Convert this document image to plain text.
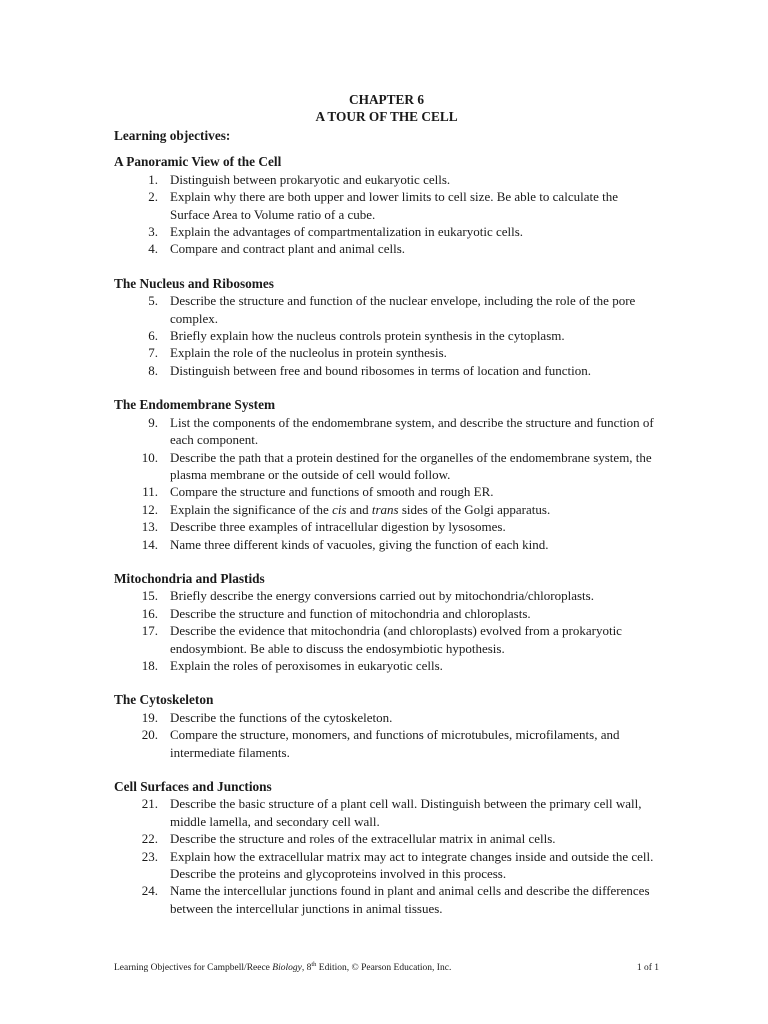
CHAPTER 6
A TOUR OF THE CELL
Learning objectives:
A Panoramic View of the Cell
1. Distinguish between prokaryotic and eukaryotic cells.
2. Explain why there are both upper and lower limits to cell size. Be able to calculate the Surface Area to Volume ratio of a cube.
3. Explain the advantages of compartmentalization in eukaryotic cells.
4. Compare and contract plant and animal cells.
The Nucleus and Ribosomes
5. Describe the structure and function of the nuclear envelope, including the role of the pore complex.
6. Briefly explain how the nucleus controls protein synthesis in the cytoplasm.
7. Explain the role of the nucleolus in protein synthesis.
8. Distinguish between free and bound ribosomes in terms of location and function.
The Endomembrane System
9. List the components of the endomembrane system, and describe the structure and function of each component.
10. Describe the path that a protein destined for the organelles of the endomembrane system, the plasma membrane or the outside of cell would follow.
11. Compare the structure and functions of smooth and rough ER.
12. Explain the significance of the cis and trans sides of the Golgi apparatus.
13. Describe three examples of intracellular digestion by lysosomes.
14. Name three different kinds of vacuoles, giving the function of each kind.
Mitochondria and Plastids
15. Briefly describe the energy conversions carried out by mitochondria/chloroplasts.
16. Describe the structure and function of mitochondria and chloroplasts.
17. Describe the evidence that mitochondria (and chloroplasts) evolved from a prokaryotic endosymbiont. Be able to discuss the endosymbiotic hypothesis.
18. Explain the roles of peroxisomes in eukaryotic cells.
The Cytoskeleton
19. Describe the functions of the cytoskeleton.
20. Compare the structure, monomers, and functions of microtubules, microfilaments, and intermediate filaments.
Cell Surfaces and Junctions
21. Describe the basic structure of a plant cell wall. Distinguish between the primary cell wall, middle lamella, and secondary cell wall.
22. Describe the structure and roles of the extracellular matrix in animal cells.
23. Explain how the extracellular matrix may act to integrate changes inside and outside the cell. Describe the proteins and glycoproteins involved in this process.
24. Name the intercellular junctions found in plant and animal cells and describe the differences between the intercellular junctions in animal tissues.
Learning Objectives for Campbell/Reece Biology, 8th Edition, © Pearson Education, Inc.	1 of 1
